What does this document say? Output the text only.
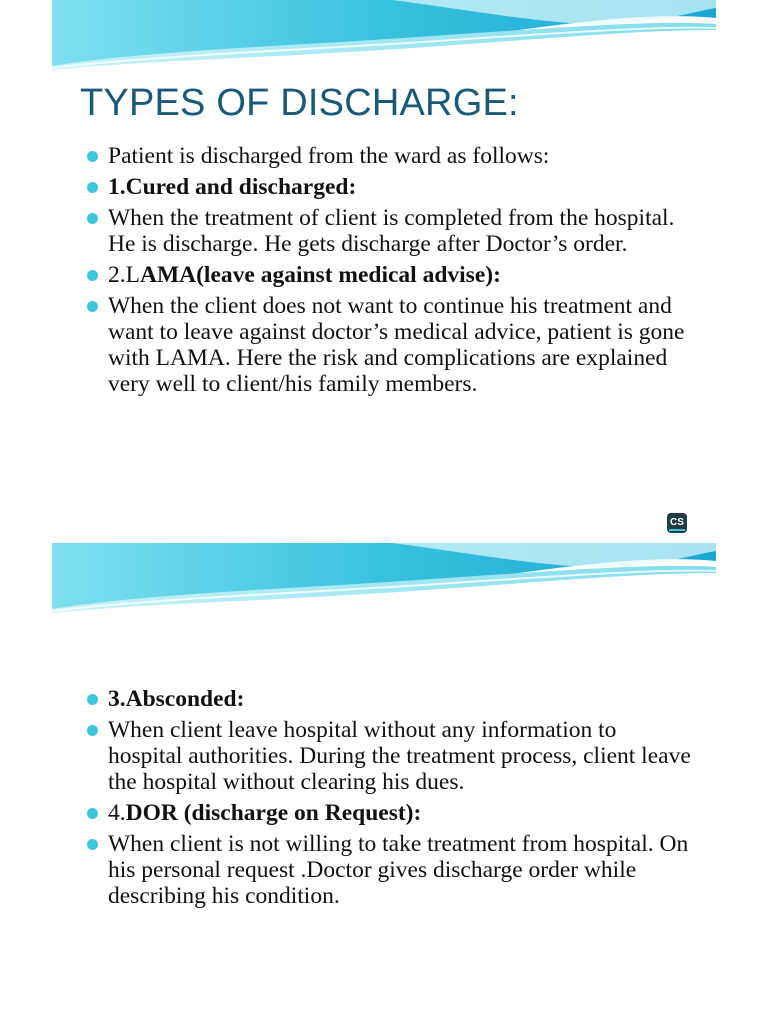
TYPES OF DISCHARGE:
Patient is discharged from the ward as follows:
1.Cured and discharged:
When the treatment of client is completed from the hospital. He is discharge. He gets discharge after Doctor’s order.
2.LAMA(leave against medical advise):
When the client does not want to continue his treatment and want to leave against doctor’s medical advice, patient is gone with LAMA. Here the risk and complications are explained very well to client/his family members.
CS
3.Absconded:
When client leave hospital without any information to hospital authorities. During the treatment process, client leave the hospital without clearing his dues.
4.DOR (discharge on Request):
When client is not willing to take treatment from hospital. On his personal request .Doctor gives discharge order while describing his condition.
